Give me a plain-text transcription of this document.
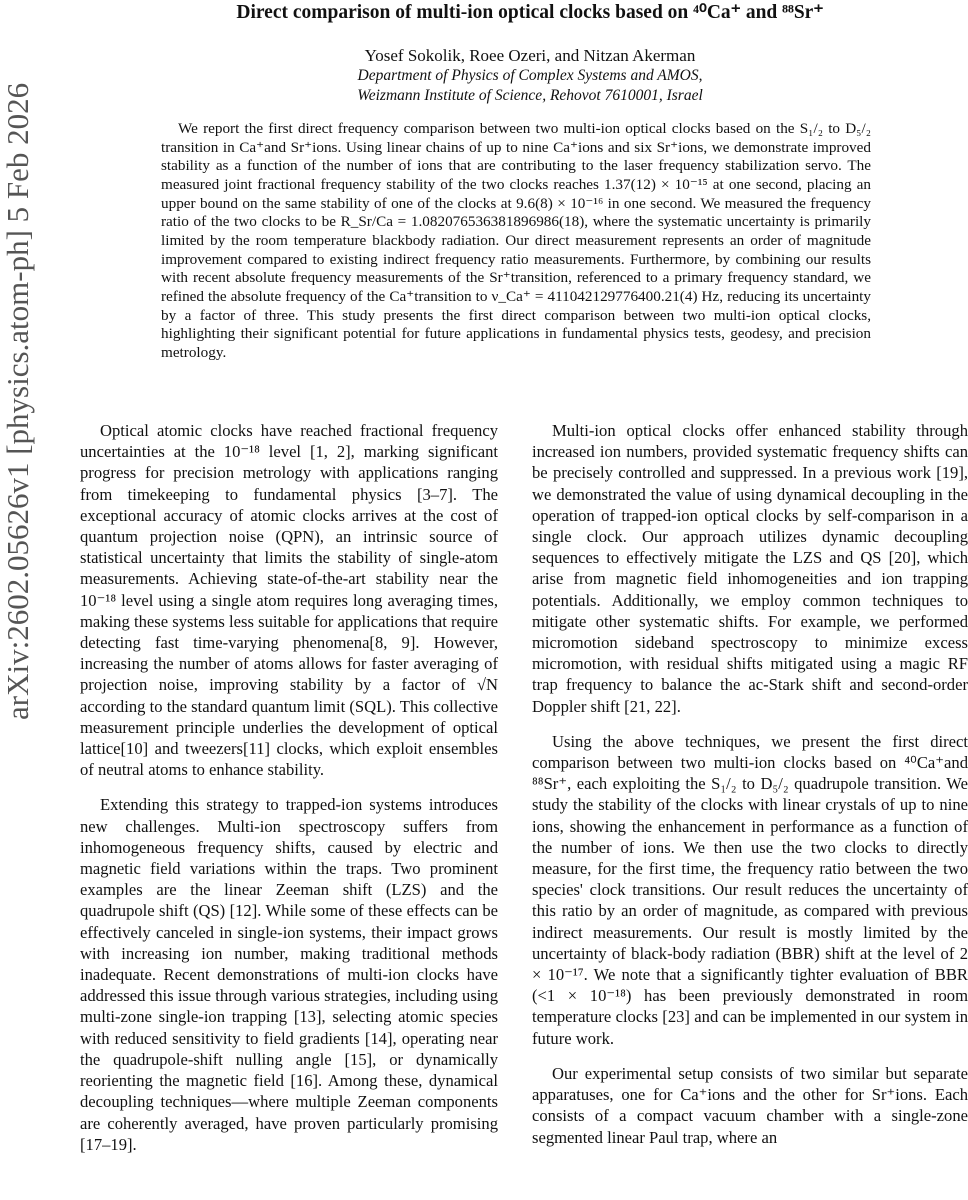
arXiv:2602.05626v1 [physics.atom-ph] 5 Feb 2026
Direct comparison of multi-ion optical clocks based on ⁴⁰Ca⁺ and ⁸⁸Sr⁺
Yosef Sokolik, Roee Ozeri, and Nitzan Akerman
Department of Physics of Complex Systems and AMOS,
Weizmann Institute of Science, Rehovot 7610001, Israel
We report the first direct frequency comparison between two multi-ion optical clocks based on the S₁/₂ to D₅/₂ transition in Ca⁺and Sr⁺ions. Using linear chains of up to nine Ca⁺ions and six Sr⁺ions, we demonstrate improved stability as a function of the number of ions that are contributing to the laser frequency stabilization servo. The measured joint fractional frequency stability of the two clocks reaches 1.37(12) × 10⁻¹⁵ at one second, placing an upper bound on the same stability of one of the clocks at 9.6(8) × 10⁻¹⁶ in one second. We measured the frequency ratio of the two clocks to be R_Sr/Ca = 1.082076536381896986(18), where the systematic uncertainty is primarily limited by the room temperature blackbody radiation. Our direct measurement represents an order of magnitude improvement compared to existing indirect frequency ratio measurements. Furthermore, by combining our results with recent absolute frequency measurements of the Sr⁺transition, referenced to a primary frequency standard, we refined the absolute frequency of the Ca⁺transition to ν_Ca⁺ = 411042129776400.21(4) Hz, reducing its uncertainty by a factor of three. This study presents the first direct comparison between two multi-ion optical clocks, highlighting their significant potential for future applications in fundamental physics tests, geodesy, and precision metrology.

Optical atomic clocks have reached fractional frequency uncertainties at the 10⁻¹⁸ level [1, 2], marking significant progress for precision metrology with applications ranging from timekeeping to fundamental physics [3–7]. The exceptional accuracy of atomic clocks arrives at the cost of quantum projection noise (QPN), an intrinsic source of statistical uncertainty that limits the stability of single-atom measurements. Achieving state-of-the-art stability near the 10⁻¹⁸ level using a single atom requires long averaging times, making these systems less suitable for applications that require detecting fast time-varying phenomena[8, 9]. However, increasing the number of atoms allows for faster averaging of projection noise, improving stability by a factor of √N according to the standard quantum limit (SQL). This collective measurement principle underlies the development of optical lattice[10] and tweezers[11] clocks, which exploit ensembles of neutral atoms to enhance stability.

Extending this strategy to trapped-ion systems introduces new challenges. Multi-ion spectroscopy suffers from inhomogeneous frequency shifts, caused by electric and magnetic field variations within the traps. Two prominent examples are the linear Zeeman shift (LZS) and the quadrupole shift (QS) [12]. While some of these effects can be effectively canceled in single-ion systems, their impact grows with increasing ion number, making traditional methods inadequate. Recent demonstrations of multi-ion clocks have addressed this issue through various strategies, including using multi-zone single-ion trapping [13], selecting atomic species with reduced sensitivity to field gradients [14], operating near the quadrupole-shift nulling angle [15], or dynamically reorienting the magnetic field [16]. Among these, dynamical decoupling techniques—where multiple Zeeman components are coherently averaged, have proven particularly promising [17–19].

Multi-ion optical clocks offer enhanced stability through increased ion numbers, provided systematic frequency shifts can be precisely controlled and suppressed. In a previous work [19], we demonstrated the value of using dynamical decoupling in the operation of trapped-ion optical clocks by self-comparison in a single clock. Our approach utilizes dynamic decoupling sequences to effectively mitigate the LZS and QS [20], which arise from magnetic field inhomogeneities and ion trapping potentials. Additionally, we employ common techniques to mitigate other systematic shifts. For example, we performed micromotion sideband spectroscopy to minimize excess micromotion, with residual shifts mitigated using a magic RF trap frequency to balance the ac-Stark shift and second-order Doppler shift [21, 22].

Using the above techniques, we present the first direct comparison between two multi-ion clocks based on ⁴⁰Ca⁺and ⁸⁸Sr⁺, each exploiting the S₁/₂ to D₅/₂ quadrupole transition. We study the stability of the clocks with linear crystals of up to nine ions, showing the enhancement in performance as a function of the number of ions. We then use the two clocks to directly measure, for the first time, the frequency ratio between the two species' clock transitions. Our result reduces the uncertainty of this ratio by an order of magnitude, as compared with previous indirect measurements. Our result is mostly limited by the uncertainty of black-body radiation (BBR) shift at the level of 2 × 10⁻¹⁷. We note that a significantly tighter evaluation of BBR (<1 × 10⁻¹⁸) has been previously demonstrated in room temperature clocks [23] and can be implemented in our system in future work.

Our experimental setup consists of two similar but separate apparatuses, one for Ca⁺ions and the other for Sr⁺ions. Each consists of a compact vacuum chamber with a single-zone segmented linear Paul trap, where an
